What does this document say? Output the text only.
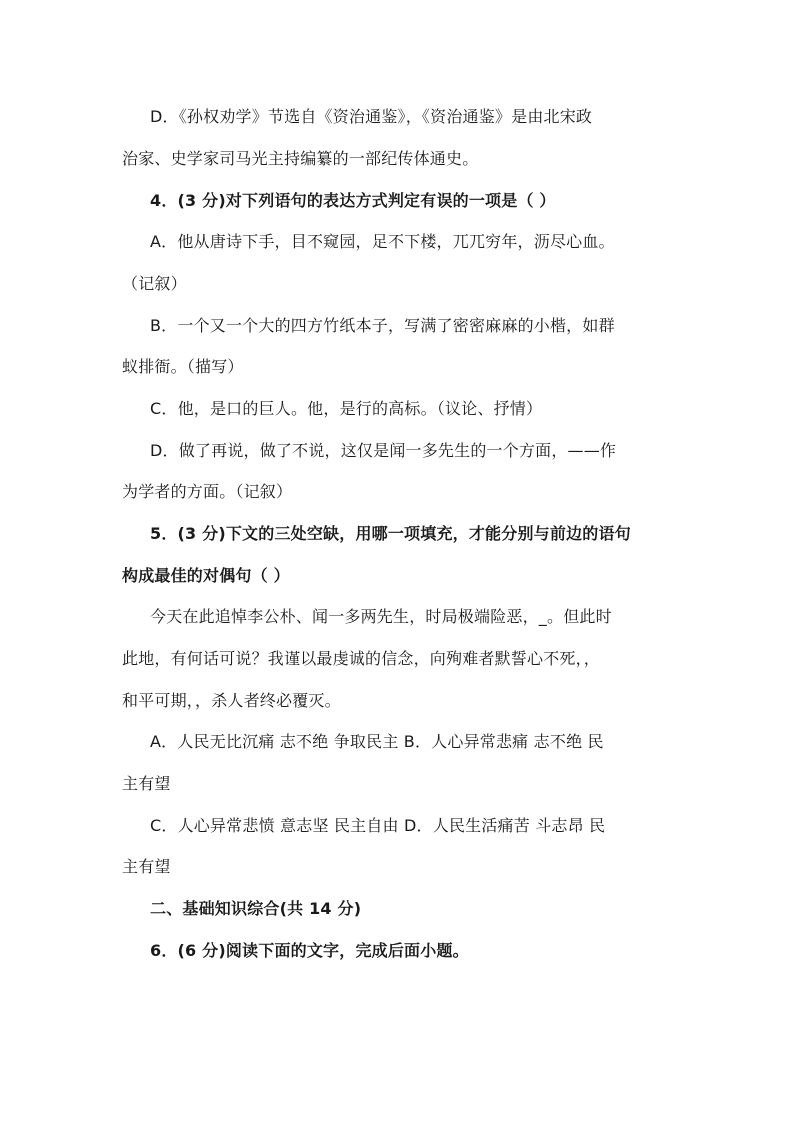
D．《孙权劝学》节选自《资治通鉴》，《资治通鉴》是由北宋政
治家、史学家司马光主持编纂的一部纪传体通史。
4．(3 分)对下列语句的表达方式判定有误的一项是（ ）
A．他从唐诗下手，目不窥园，足不下楼，兀兀穷年，沥尽心血。
（记叙）
B．一个又一个大的四方竹纸本子，写满了密密麻麻的小楷，如群
蚁排衙。（描写）
C．他，是口的巨人。他，是行的高标。（议论、抒情）
D．做了再说，做了不说，这仅是闻一多先生的一个方面，——作
为学者的方面。（记叙）
5．(3 分)下文的三处空缺，用哪一项填充，才能分别与前边的语句
构成最佳的对偶句（ ）
今天在此追悼李公朴、闻一多两先生，时局极端险恶，_。但此时
此地，有何话可说？我谨以最虔诚的信念，向殉难者默誓心不死，，
和平可期，，杀人者终必覆灭。
A．人民无比沉痛 志不绝 争取民主 B．人心异常悲痛 志不绝 民
主有望
C．人心异常悲愤 意志坚 民主自由 D．人民生活痛苦 斗志昂 民
主有望
二、基础知识综合(共 14 分)
6．(6 分)阅读下面的文字，完成后面小题。
